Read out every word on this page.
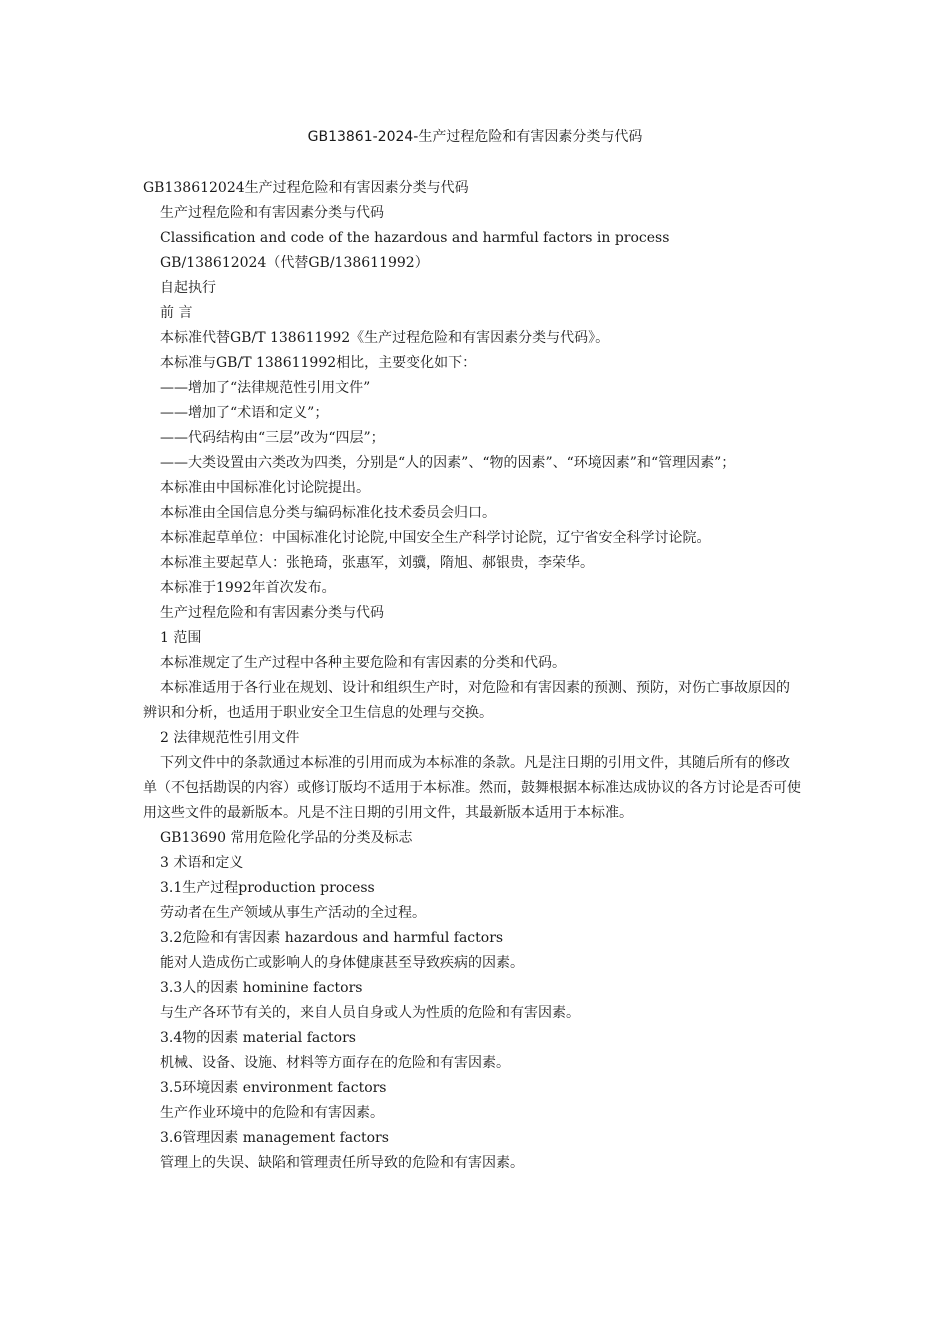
GB13861-2024-生产过程危险和有害因素分类与代码

GB138612024生产过程危险和有害因素分类与代码

生产过程危险和有害因素分类与代码

Classification and code of the hazardous and harmful factors in process

GB/138612024（代替GB/138611992）

自起执行

前 言

本标准代替GB/T 138611992《生产过程危险和有害因素分类与代码》。

本标准与GB/T 138611992相比，主要变化如下：

——增加了“法律规范性引用文件”

——增加了“术语和定义”；

——代码结构由“三层”改为“四层”；

——大类设置由六类改为四类，分别是“人的因素”、“物的因素”、“环境因素”和“管理因素”；

本标准由中国标准化讨论院提出。

本标准由全国信息分类与编码标准化技术委员会归口。

本标准起草单位：中国标准化讨论院,中国安全生产科学讨论院，辽宁省安全科学讨论院。

本标准主要起草人：张艳琦，张惠军，刘骥，隋旭、郝银贵，李荣华。

本标准于1992年首次发布。

生产过程危险和有害因素分类与代码

1 范围

本标准规定了生产过程中各种主要危险和有害因素的分类和代码。

本标准适用于各行业在规划、设计和组织生产时，对危险和有害因素的预测、预防，对伤亡事故原因的辨识和分析，也适用于职业安全卫生信息的处理与交换。

2 法律规范性引用文件

下列文件中的条款通过本标准的引用而成为本标准的条款。凡是注日期的引用文件，其随后所有的修改单（不包括勘误的内容）或修订版均不适用于本标准。然而，鼓舞根据本标准达成协议的各方讨论是否可使用这些文件的最新版本。凡是不注日期的引用文件，其最新版本适用于本标准。

GB13690 常用危险化学品的分类及标志

3 术语和定义

3.1生产过程production process

劳动者在生产领域从事生产活动的全过程。

3.2危险和有害因素 hazardous and harmful factors

能对人造成伤亡或影响人的身体健康甚至导致疾病的因素。

3.3人的因素 hominine factors

与生产各环节有关的，来自人员自身或人为性质的危险和有害因素。

3.4物的因素 material factors

机械、设备、设施、材料等方面存在的危险和有害因素。

3.5环境因素 environment factors

生产作业环境中的危险和有害因素。

3.6管理因素 management factors

管理上的失误、缺陷和管理责任所导致的危险和有害因素。
